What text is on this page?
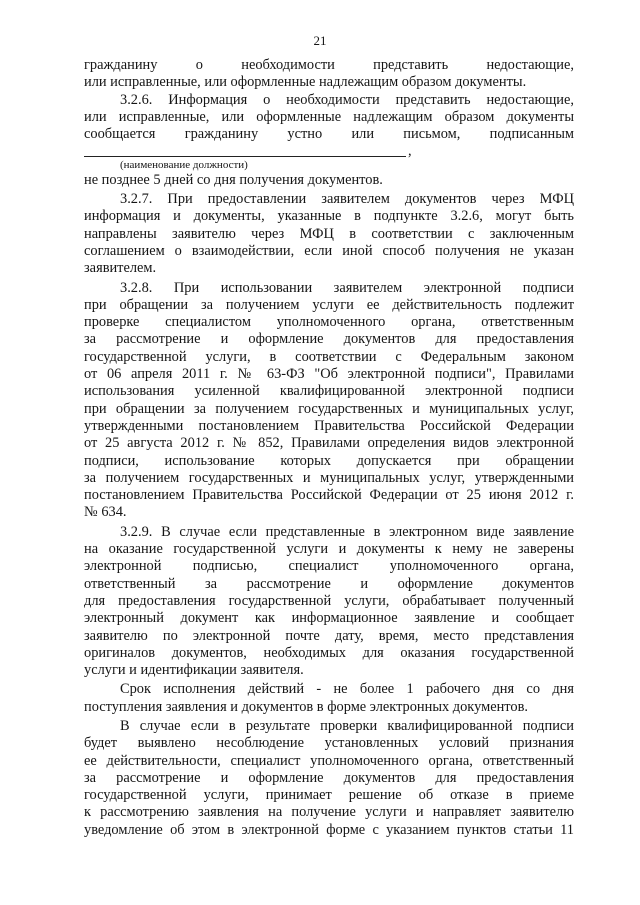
21
гражданину о необходимости представить недостающие,
или исправленные, или оформленные надлежащим образом документы.
3.2.6. Информация о необходимости представить недостающие,
или исправленные, или оформленные надлежащим образом документы
сообщается гражданину устно или письмом, подписанным
,
(наименование должности)
не позднее 5 дней со дня получения документов.
3.2.7. При предоставлении заявителем документов через МФЦ
информация и документы, указанные в подпункте 3.2.6, могут быть
направлены заявителю через МФЦ в соответствии с заключенным
соглашением о взаимодействии, если иной способ получения не указан
заявителем.
3.2.8. При использовании заявителем электронной подписи
при обращении за получением услуги ее действительность подлежит
проверке специалистом уполномоченного органа, ответственным
за рассмотрение и оформление документов для предоставления
государственной услуги, в соответствии с Федеральным законом
от 06 апреля 2011 г. № 63-ФЗ "Об электронной подписи", Правилами
использования усиленной квалифицированной электронной подписи
при обращении за получением государственных и муниципальных услуг,
утвержденными постановлением Правительства Российской Федерации
от 25 августа 2012 г. № 852, Правилами определения видов электронной
подписи, использование которых допускается при обращении
за получением государственных и муниципальных услуг, утвержденными
постановлением Правительства Российской Федерации от 25 июня 2012 г.
№ 634.
3.2.9. В случае если представленные в электронном виде заявление
на оказание государственной услуги и документы к нему не заверены
электронной подписью, специалист уполномоченного органа,
ответственный за рассмотрение и оформление документов
для предоставления государственной услуги, обрабатывает полученный
электронный документ как информационное заявление и сообщает
заявителю по электронной почте дату, время, место представления
оригиналов документов, необходимых для оказания государственной
услуги и идентификации заявителя.
Срок исполнения действий - не более 1 рабочего дня со дня
поступления заявления и документов в форме электронных документов.
В случае если в результате проверки квалифицированной подписи
будет выявлено несоблюдение установленных условий признания
ее действительности, специалист уполномоченного органа, ответственный
за рассмотрение и оформление документов для предоставления
государственной услуги, принимает решение об отказе в приеме
к рассмотрению заявления на получение услуги и направляет заявителю
уведомление об этом в электронной форме с указанием пунктов статьи 11
